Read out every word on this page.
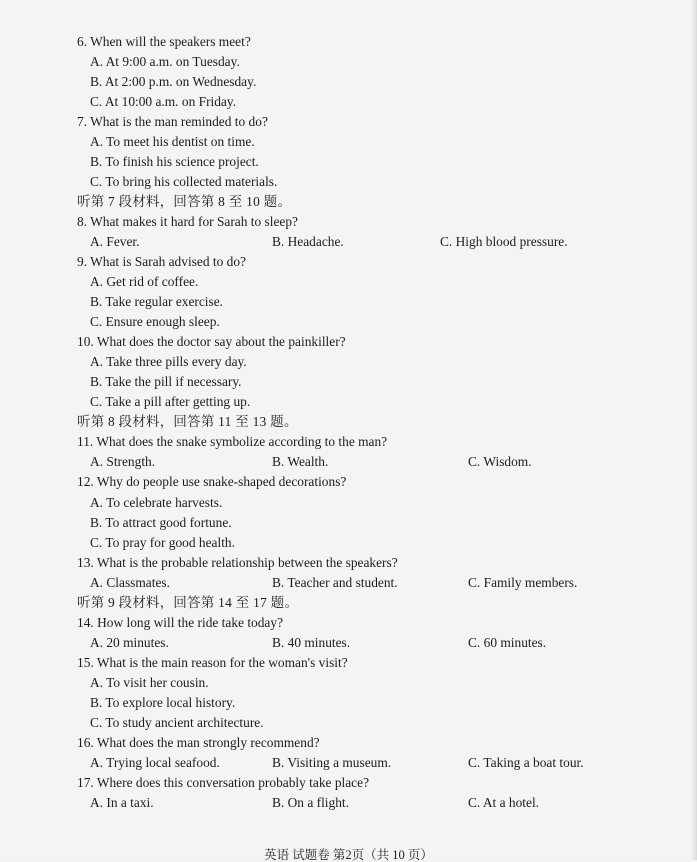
6. When will the speakers meet?
A. At 9:00 a.m. on Tuesday.
B. At 2:00 p.m. on Wednesday.
C. At 10:00 a.m. on Friday.
7. What is the man reminded to do?
A. To meet his dentist on time.
B. To finish his science project.
C. To bring his collected materials.
听第 7 段材料，回答第 8 至 10 题。
8. What makes it hard for Sarah to sleep?
A. Fever.	B. Headache.	C. High blood pressure.
9. What is Sarah advised to do?
A. Get rid of coffee.
B. Take regular exercise.
C. Ensure enough sleep.
10. What does the doctor say about the painkiller?
A. Take three pills every day.
B. Take the pill if necessary.
C. Take a pill after getting up.
听第 8 段材料，回答第 11 至 13 题。
11. What does the snake symbolize according to the man?
A. Strength.	B. Wealth.	C. Wisdom.
12. Why do people use snake-shaped decorations?
A. To celebrate harvests.
B. To attract good fortune.
C. To pray for good health.
13. What is the probable relationship between the speakers?
A. Classmates.	B. Teacher and student.	C. Family members.
听第 9 段材料，回答第 14 至 17 题。
14. How long will the ride take today?
A. 20 minutes.	B. 40 minutes.	C. 60 minutes.
15. What is the main reason for the woman's visit?
A. To visit her cousin.
B. To explore local history.
C. To study ancient architecture.
16. What does the man strongly recommend?
A. Trying local seafood.	B. Visiting a museum.	C. Taking a boat tour.
17. Where does this conversation probably take place?
A. In a taxi.	B. On a flight.	C. At a hotel.
英语 试题卷 第2页（共 10 页）
